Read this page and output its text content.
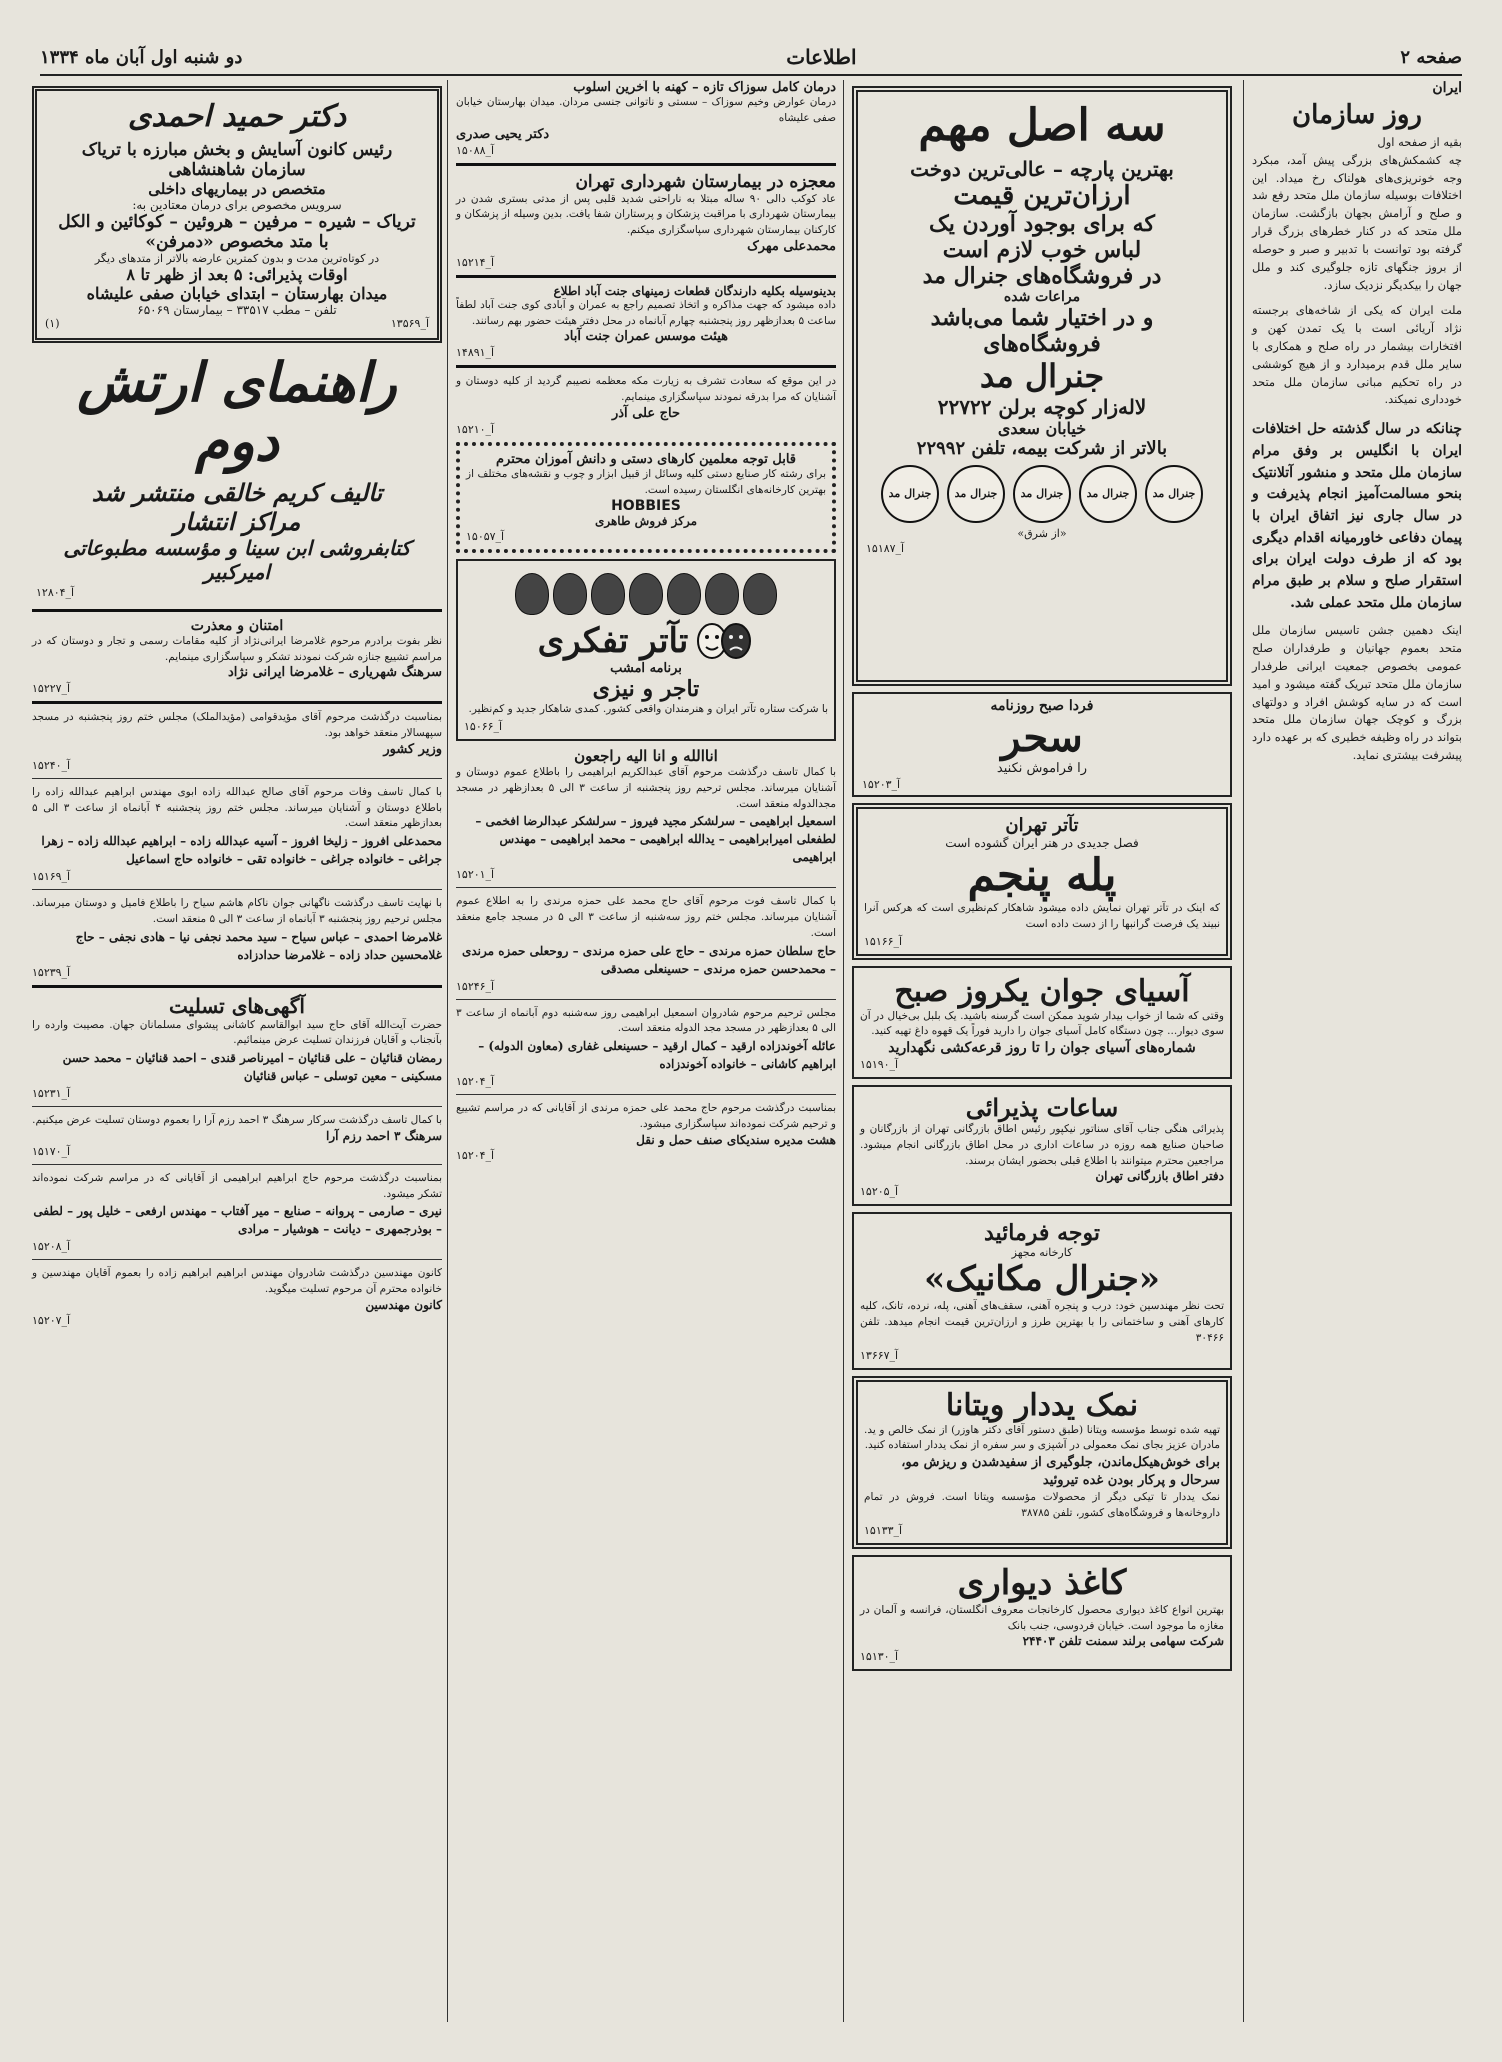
صفحه ۲
اطلاعات
دو شنبه اول آبان ماه ۱۳۳۴
ایران
روز سازمان
بقیه از صفحه اول
چه کشمکش‌های بزرگی پیش آمد، مبکرد وجه خونریزی‌های هولناک رخ میداد. این اختلافات بوسیله سازمان ملل متحد رفع شد و صلح و آرامش بجهان بازگشت. سازمان ملل متحد که در کنار خطرهای بزرگ قرار گرفته بود توانست با تدبیر و صبر و حوصله از بروز جنگهای تازه جلوگیری کند و ملل جهان را بیکدیگر نزدیک سازد.
ملت ایران که یکی از شاخه‌های برجسته نژاد آریائی است با یک تمدن کهن و افتخارات بیشمار در راه صلح و همکاری با سایر ملل قدم برمیدارد و از هیچ کوششی در راه تحکیم مبانی سازمان ملل متحد خودداری نمیکند.
چنانکه در سال گذشته حل اختلافات ایران با انگلیس بر وفق مرام سازمان ملل متحد و منشور آتلانتیک بنحو مسالمت‌آمیز انجام پذیرفت و در سال جاری نیز اتفاق ایران با پیمان دفاعی خاورمیانه اقدام دیگری بود که از طرف دولت ایران برای استقرار صلح و سلام بر طبق مرام سازمان ملل متحد عملی شد.
اینک دهمین جشن تاسیس سازمان ملل متحد بعموم جهانیان و طرفداران صلح عمومی بخصوص جمعیت ایرانی طرفدار سازمان ملل متحد تبریک گفته میشود و امید است که در سایه کوشش افراد و دولتهای بزرگ و کوچک جهان سازمان ملل متحد بتواند در راه وظیفه خطیری که بر عهده دارد پیشرفت بیشتری نماید.
سه اصل مهم
بهترین پارچه – عالی‌ترین دوخت
ارزان‌ترین قیمت
که برای بوجود آوردن یک
لباس خوب لازم است
در فروشگاه‌های جنرال مد
مراعات شده
و در اختیار شما می‌باشد
فروشگاه‌های
جنرال مد
لاله‌زار کوچه برلن ۲۲۷۲۲
خیابان سعدی
بالاتر از شرکت بیمه، تلفن ۲۲۹۹۲
جنرال مد جنرال مد جنرال مد جنرال مد جنرال مد
«از شرق»
آ_۱۵۱۸۷
فردا صبح روزنامه
سحر
را فراموش نکنید
آ_۱۵۲۰۳
تآتر تهران
فصل جدیدی در هنر ایران گشوده است
پله پنجم
که اینک در تآتر تهران نمایش داده میشود شاهکار کم‌نظیری است که هرکس آنرا نبیند یک فرصت گرانبها را از دست داده است
آ_۱۵۱۶۶
آسیای جوان یکروز صبح
وقتی که شما از خواب بیدار شوید ممکن است گرسنه باشید. یک بلبل بی‌خیال در آن سوی دیوار... چون دستگاه کامل آسیای جوان را دارید فوراً یک قهوه داغ تهیه کنید.
شماره‌های آسیای جوان را تا روز قرعه‌کشی نگهدارید
آ_۱۵۱۹۰
ساعات پذیرائی
پذیرائی هنگی جناب آقای سناتور نیکپور رئیس اطاق بازرگانی تهران از بازرگانان و صاحبان صنایع همه روزه در ساعات اداری در محل اطاق بازرگانی انجام میشود. مراجعین محترم میتوانند با اطلاع قبلی بحضور ایشان برسند.
دفتر اطاق بازرگانی تهران
آ_۱۵۲۰۵
توجه فرمائید
کارخانه مجهز
«جنرال مکانیک»
تحت نظر مهندسین خود: درب و پنجره آهنی، سقف‌های آهنی، پله، نرده، تانک، کلیه کارهای آهنی و ساختمانی را با بهترین طرز و ارزان‌ترین قیمت انجام میدهد. تلفن ۳۰۴۶۶
آ_۱۳۶۶۷
نمک یددار ویتانا
تهیه شده توسط مؤسسه ویتانا (طبق دستور آقای دکتر هاوزر) از نمک خالص و ید. مادران عزیز بجای نمک معمولی در آشپزی و سر سفره از نمک یددار استفاده کنید.
برای خوش‌هیکل‌ماندن، جلوگیری از سفیدشدن و ریزش مو، سرحال و پرکار بودن غده تیروئید
نمک یددار تا تیکی دیگر از محصولات مؤسسه ویتانا است. فروش در تمام داروخانه‌ها و فروشگاه‌های کشور، تلفن ۳۸۷۸۵
آ_۱۵۱۳۳
کاغذ دیواری
بهترین انواع کاغذ دیواری محصول کارخانجات معروف انگلستان، فرانسه و آلمان در مغازه ما موجود است. خیابان فردوسی، جنب بانک
شرکت سهامی برلند سمنت تلفن ۲۴۴۰۳
آ_۱۵۱۳۰
درمان کامل سوزاک تازه – کهنه با آخرین اسلوب
درمان عوارض وخیم سوزاک – سستی و ناتوانی جنسی مردان. میدان بهارستان خیابان صفی علیشاه
دکتر یحیی صدری
آ_۱۵۰۸۸
معجزه در بیمارستان شهرداری تهران
عاد کوکب دالی ۹۰ ساله مبتلا به ناراحتی شدید قلبی پس از مدتی بستری شدن در بیمارستان شهرداری با مراقبت پزشکان و پرستاران شفا یافت. بدین وسیله از پزشکان و کارکنان بیمارستان شهرداری سپاسگزاری میکنم.
محمدعلی مهرک
آ_۱۵۲۱۴
بدینوسیله بکلیه دارندگان قطعات زمینهای جنت آباد اطلاع
داده میشود که جهت مذاکره و اتخاذ تصمیم راجع به عمران و آبادی کوی جنت آباد لطفاً ساعت ۵ بعدازظهر روز پنجشنبه چهارم آبانماه در محل دفتر هیئت حضور بهم رسانند.
هیئت موسس عمران جنت آباد
آ_۱۴۸۹۱
در این موقع که سعادت تشرف به زیارت مکه معظمه نصیبم گردید از کلیه دوستان و آشنایان که مرا بدرقه نمودند سپاسگزاری مینمایم.
حاج علی آذر
آ_۱۵۲۱۰
قابل توجه معلمین کارهای دستی و دانش آموزان محترم
برای رشته کار صنایع دستی کلیه وسائل از قبیل ابزار و چوب و نقشه‌های مختلف از بهترین کارخانه‌های انگلستان رسیده است.
HOBBIES
مرکز فروش طاهری
آ_۱۵۰۵۷
تآتر تفکری
برنامه امشب
تاجر و نیزی
با شرکت ستاره تآتر ایران و هنرمندان واقعی کشور. کمدی شاهکار جدید و کم‌نظیر.
آ_۱۵۰۶۶
اناالله و انا الیه راجعون
با کمال تاسف درگذشت مرحوم آقای عبدالکریم ابراهیمی را باطلاع عموم دوستان و آشنایان میرساند. مجلس ترحیم روز پنجشنبه از ساعت ۳ الی ۵ بعدازظهر در مسجد مجدالدوله منعقد است.
اسمعیل ابراهیمی – سرلشکر مجید فیروز – سرلشکر عبدالرضا افخمی – لطفعلی امیرابراهیمی – یدالله ابراهیمی – محمد ابراهیمی – مهندس ابراهیمی
آ_۱۵۲۰۱
با کمال تاسف فوت مرحوم آقای حاج محمد علی حمزه مرندی را به اطلاع عموم آشنایان میرساند. مجلس ختم روز سه‌شنبه از ساعت ۳ الی ۵ در مسجد جامع منعقد است.
حاج سلطان حمزه مرندی – حاج علی حمزه مرندی – روحعلی حمزه مرندی – محمدحسن حمزه مرندی – حسینعلی مصدقی
آ_۱۵۲۴۶
مجلس ترحیم مرحوم شادروان اسمعیل ابراهیمی روز سه‌شنبه دوم آبانماه از ساعت ۳ الی ۵ بعدازظهر در مسجد مجد الدوله منعقد است.
عائله آخوندزاده ارقید – کمال ارقید – حسینعلی غفاری (معاون الدوله) – ابراهیم کاشانی – خانواده آخوندزاده
آ_۱۵۲۰۴
بمناسبت درگذشت مرحوم حاج محمد علی حمزه مرندی از آقایانی که در مراسم تشییع و ترحیم شرکت نموده‌اند سپاسگزاری میشود.
هشت مدیره سندیکای صنف حمل و نقل
آ_۱۵۲۰۴
دکتر حمید احمدی
رئیس کانون آسایش و بخش مبارزه با تریاک
سازمان شاهنشاهی
متخصص در بیماریهای داخلی
سرویس مخصوص برای درمان معتادین به:
تریاک – شیره – مرفین – هروئین – کوکائین و الکل
با متد مخصوص «دمرفن»
در کوتاه‌ترین مدت و بدون کمترین عارضه بالاتر از متدهای دیگر
اوقات پذیرائی: ۵ بعد از ظهر تا ۸
میدان بهارستان – ابتدای خیابان صفی علیشاه
تلفن – مطب ۳۳۵۱۷ – بیمارستان ۶۵۰۶۹
(۱)	آ_۱۳۵۶۹
راهنمای ارتش دوم
تالیف کریم خالقی منتشر شد
مراکز انتشار
کتابفروشی ابن سینا و مؤسسه مطبوعاتی امیرکبیر
آ_۱۲۸۰۴
امتنان و معذرت
نظر بفوت برادرم مرحوم غلامرضا ایرانی‌نژاد از کلیه مقامات رسمی و تجار و دوستان که در مراسم تشییع جنازه شرکت نمودند تشکر و سپاسگزاری مینمایم.
سرهنگ شهریاری – غلامرضا ایرانی نژاد
آ_۱۵۲۲۷
بمناسبت درگذشت مرحوم آقای مؤیدقوامی (مؤیدالملک) مجلس ختم روز پنجشنبه در مسجد سپهسالار منعقد خواهد بود.
وزیر کشور
آ_۱۵۲۴۰
با کمال تاسف وفات مرحوم آقای صالح عبدالله زاده ابوی مهندس ابراهیم عبدالله زاده را باطلاع دوستان و آشنایان میرساند. مجلس ختم روز پنجشنبه ۴ آبانماه از ساعت ۳ الی ۵ بعدازظهر منعقد است.
محمدعلی افروز – زلیخا افروز – آسیه عبدالله زاده – ابراهیم عبدالله زاده – زهرا جراغی – خانواده جراغی – خانواده تقی – خانواده حاج اسماعیل
آ_۱۵۱۶۹
با نهایت تاسف درگذشت ناگهانی جوان ناکام هاشم سیاح را باطلاع فامیل و دوستان میرساند. مجلس ترحیم روز پنجشنبه ۳ آبانماه از ساعت ۳ الی ۵ منعقد است.
غلامرضا احمدی – عباس سیاح – سید محمد نجفی نیا – هادی نجفی – حاج غلامحسین حداد زاده – غلامرضا حدادزاده
آ_۱۵۲۳۹
آگهی‌های تسلیت
حضرت آیت‌الله آقای حاج سید ابوالقاسم کاشانی پیشوای مسلمانان جهان. مصیبت وارده را بآنجناب و آقایان فرزندان تسلیت عرض مینمائیم.
رمضان قنائیان – علی قنائیان – امیرناصر قندی – احمد قنائیان – محمد حسن مسکینی – معین توسلی – عباس قنائیان
آ_۱۵۲۳۱
با کمال تاسف درگذشت سرکار سرهنگ ۳ احمد رزم آرا را بعموم دوستان تسلیت عرض میکنیم.
سرهنگ ۳ احمد رزم آرا
آ_۱۵۱۷۰
بمناسبت درگذشت مرحوم حاج ابراهیم ابراهیمی از آقایانی که در مراسم شرکت نموده‌اند تشکر میشود.
نیری – صارمی – پروانه – صنایع – میر آفتاب – مهندس ارفعی – خلیل پور – لطفی – بوذرجمهری – دیانت – هوشیار – مرادی
آ_۱۵۲۰۸
کانون مهندسین درگذشت شادروان مهندس ابراهیم ابراهیم زاده را بعموم آقایان مهندسین و خانواده محترم آن مرحوم تسلیت میگوید.
کانون مهندسین
آ_۱۵۲۰۷
